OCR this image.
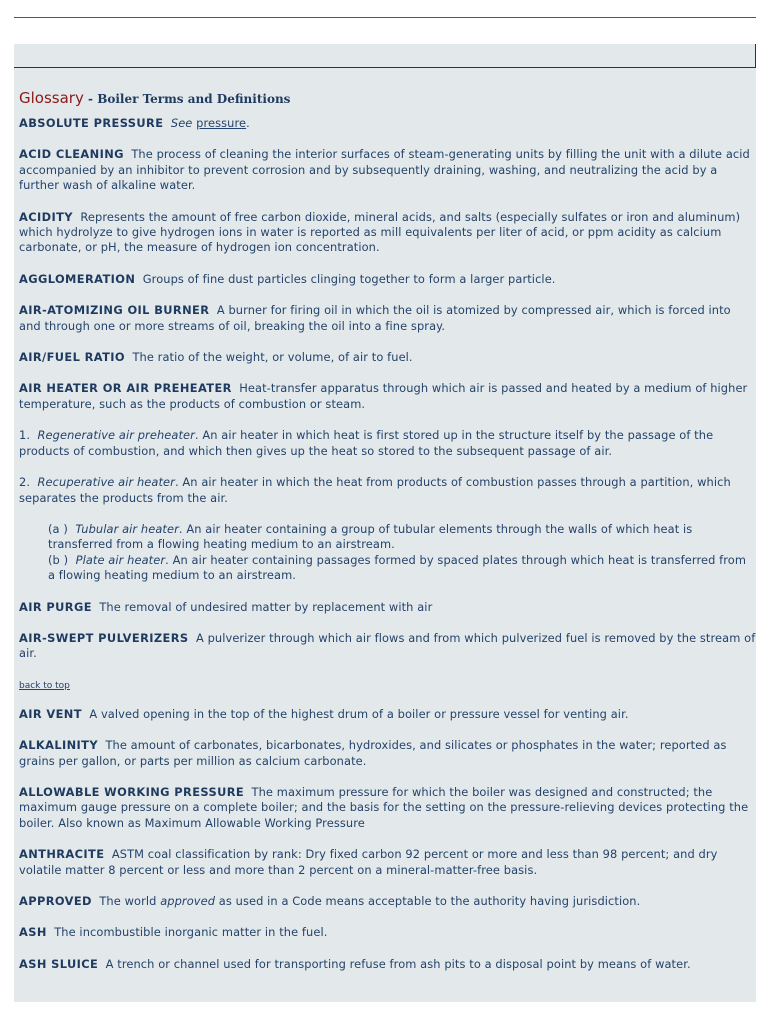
Glossary - Boiler Terms and Definitions
ABSOLUTE PRESSURE See pressure.
ACID CLEANING The process of cleaning the interior surfaces of steam-generating units by filling the unit with a dilute acid accompanied by an inhibitor to prevent corrosion and by subsequently draining, washing, and neutralizing the acid by a further wash of alkaline water.
ACIDITY Represents the amount of free carbon dioxide, mineral acids, and salts (especially sulfates or iron and aluminum) which hydrolyze to give hydrogen ions in water is reported as mill equivalents per liter of acid, or ppm acidity as calcium carbonate, or pH, the measure of hydrogen ion concentration.
AGGLOMERATION Groups of fine dust particles clinging together to form a larger particle.
AIR-ATOMIZING OIL BURNER A burner for firing oil in which the oil is atomized by compressed air, which is forced into and through one or more streams of oil, breaking the oil into a fine spray.
AIR/FUEL RATIO The ratio of the weight, or volume, of air to fuel.
AIR HEATER OR AIR PREHEATER Heat-transfer apparatus through which air is passed and heated by a medium of higher temperature, such as the products of combustion or steam.
1. Regenerative air preheater. An air heater in which heat is first stored up in the structure itself by the passage of the products of combustion, and which then gives up the heat so stored to the subsequent passage of air.
2. Recuperative air heater. An air heater in which the heat from products of combustion passes through a partition, which separates the products from the air.
(a ) Tubular air heater. An air heater containing a group of tubular elements through the walls of which heat is transferred from a flowing heating medium to an airstream.
(b ) Plate air heater. An air heater containing passages formed by spaced plates through which heat is transferred from a flowing heating medium to an airstream.
AIR PURGE The removal of undesired matter by replacement with air
AIR-SWEPT PULVERIZERS A pulverizer through which air flows and from which pulverized fuel is removed by the stream of air.
back to top
AIR VENT A valved opening in the top of the highest drum of a boiler or pressure vessel for venting air.
ALKALINITY The amount of carbonates, bicarbonates, hydroxides, and silicates or phosphates in the water; reported as grains per gallon, or parts per million as calcium carbonate.
ALLOWABLE WORKING PRESSURE The maximum pressure for which the boiler was designed and constructed; the maximum gauge pressure on a complete boiler; and the basis for the setting on the pressure-relieving devices protecting the boiler. Also known as Maximum Allowable Working Pressure
ANTHRACITE ASTM coal classification by rank: Dry fixed carbon 92 percent or more and less than 98 percent; and dry volatile matter 8 percent or less and more than 2 percent on a mineral-matter-free basis.
APPROVED The world approved as used in a Code means acceptable to the authority having jurisdiction.
ASH The incombustible inorganic matter in the fuel.
ASH SLUICE A trench or channel used for transporting refuse from ash pits to a disposal point by means of water.
